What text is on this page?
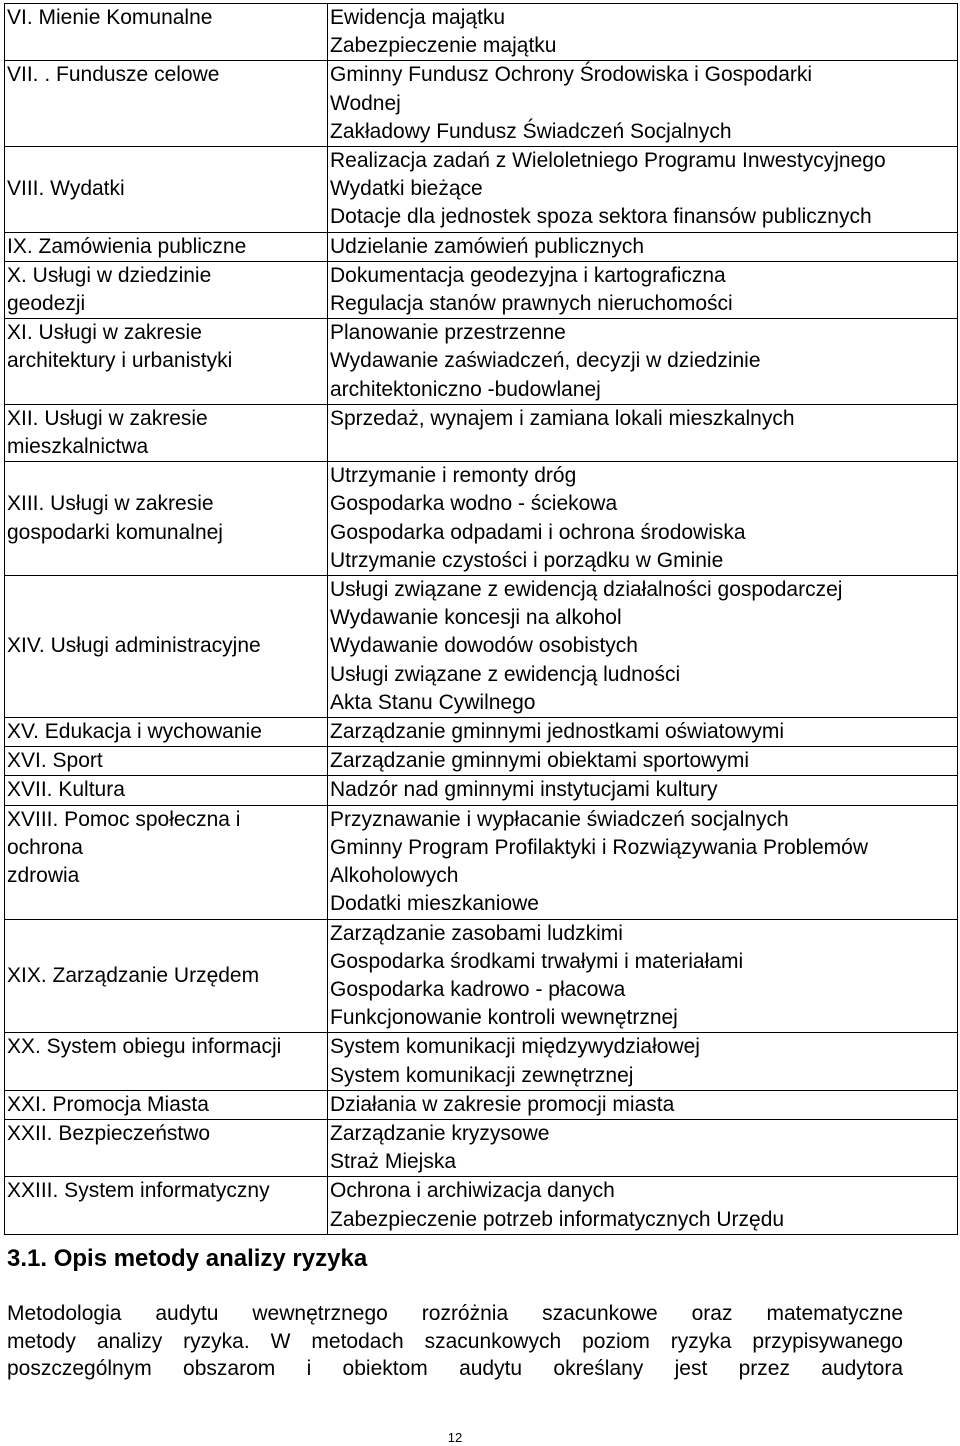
VI. Mienie Komunalne	Ewidencja majątku
Zabezpieczenie majątku

VII. . Fundusze celowe	Gminny Fundusz Ochrony Środowiska i Gospodarki
Wodnej
Zakładowy Fundusz Świadczeń Socjalnych

VIII. Wydatki	Realizacja zadań z Wieloletniego Programu Inwestycyjnego
Wydatki bieżące
Dotacje dla jednostek spoza sektora finansów publicznych

IX. Zamówienia publiczne	Udzielanie zamówień publicznych

X. Usługi w dziedzinie
geodezji	Dokumentacja geodezyjna i kartograficzna
Regulacja stanów prawnych nieruchomości

XI. Usługi w zakresie
architektury i urbanistyki	Planowanie przestrzenne
Wydawanie zaświadczeń, decyzji w dziedzinie
architektoniczno -budowlanej

XII. Usługi w zakresie
mieszkalnictwa	Sprzedaż, wynajem i zamiana lokali mieszkalnych

XIII. Usługi w zakresie
gospodarki komunalnej	Utrzymanie i remonty dróg
Gospodarka wodno - ściekowa
Gospodarka odpadami i ochrona środowiska
Utrzymanie czystości i porządku w Gminie

XIV. Usługi administracyjne	Usługi związane z ewidencją działalności gospodarczej
Wydawanie koncesji na alkohol
Wydawanie dowodów osobistych
Usługi związane z ewidencją ludności
Akta Stanu Cywilnego

XV. Edukacja i wychowanie	Zarządzanie gminnymi jednostkami oświatowymi

XVI. Sport	Zarządzanie gminnymi obiektami sportowymi

XVII. Kultura	Nadzór nad gminnymi instytucjami kultury

XVIII. Pomoc społeczna i
ochrona
zdrowia	Przyznawanie i wypłacanie świadczeń socjalnych
Gminny Program Profilaktyki i Rozwiązywania Problemów
Alkoholowych
Dodatki mieszkaniowe

XIX. Zarządzanie Urzędem	Zarządzanie zasobami ludzkimi
Gospodarka środkami trwałymi i materiałami
Gospodarka kadrowo - płacowa
Funkcjonowanie kontroli wewnętrznej

XX. System obiegu informacji	System komunikacji międzywydziałowej
System komunikacji zewnętrznej

XXI. Promocja Miasta	Działania w zakresie promocji miasta

XXII. Bezpieczeństwo	Zarządzanie kryzysowe
Straż Miejska

XXIII. System informatyczny	Ochrona i archiwizacja danych
Zabezpieczenie potrzeb informatycznych Urzędu
3.1. Opis metody analizy ryzyka
Metodologia audytu wewnętrznego rozróżnia szacunkowe oraz matematyczne
metody analizy ryzyka. W metodach szacunkowych poziom ryzyka przypisywanego
poszczególnym obszarom i obiektom audytu określany jest przez audytora
12
